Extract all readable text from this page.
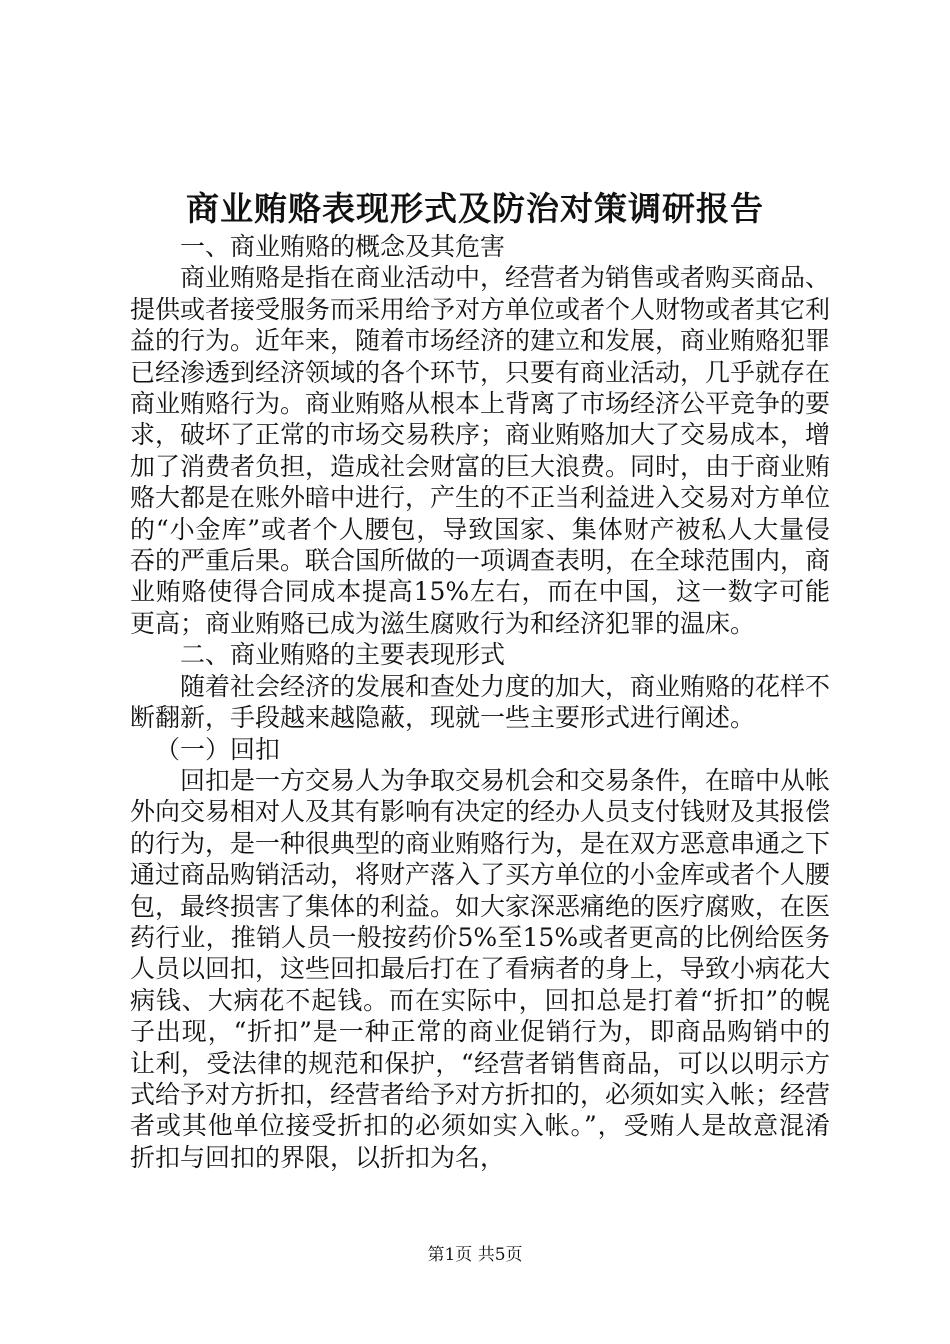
商业贿赂表现形式及防治对策调研报告

一、商业贿赂的概念及其危害

商业贿赂是指在商业活动中，经营者为销售或者购买商品、提供或者接受服务而采用给予对方单位或者个人财物或者其它利益的行为。近年来，随着市场经济的建立和发展，商业贿赂犯罪已经渗透到经济领域的各个环节，只要有商业活动，几乎就存在商业贿赂行为。商业贿赂从根本上背离了市场经济公平竞争的要求，破坏了正常的市场交易秩序；商业贿赂加大了交易成本，增加了消费者负担，造成社会财富的巨大浪费。同时，由于商业贿赂大都是在账外暗中进行，产生的不正当利益进入交易对方单位的“小金库”或者个人腰包，导致国家、集体财产被私人大量侵吞的严重后果。联合国所做的一项调查表明，在全球范围内，商业贿赂使得合同成本提高15%左右，而在中国，这一数字可能更高；商业贿赂已成为滋生腐败行为和经济犯罪的温床。

二、商业贿赂的主要表现形式

随着社会经济的发展和查处力度的加大，商业贿赂的花样不断翻新，手段越来越隐蔽，现就一些主要形式进行阐述。

（一）回扣

回扣是一方交易人为争取交易机会和交易条件，在暗中从帐外向交易相对人及其有影响有决定的经办人员支付钱财及其报偿的行为，是一种很典型的商业贿赂行为，是在双方恶意串通之下通过商品购销活动，将财产落入了买方单位的小金库或者个人腰包，最终损害了集体的利益。如大家深恶痛绝的医疗腐败，在医药行业，推销人员一般按药价5%至15%或者更高的比例给医务人员以回扣，这些回扣最后打在了看病者的身上，导致小病花大病钱、大病花不起钱。而在实际中，回扣总是打着“折扣”的幌子出现，“折扣”是一种正常的商业促销行为，即商品购销中的让利，受法律的规范和保护，“经营者销售商品，可以以明示方式给予对方折扣，经营者给予对方折扣的，必须如实入帐；经营者或其他单位接受折扣的必须如实入帐。”，受贿人是故意混淆折扣与回扣的界限，以折扣为名，

第1页 共5页
